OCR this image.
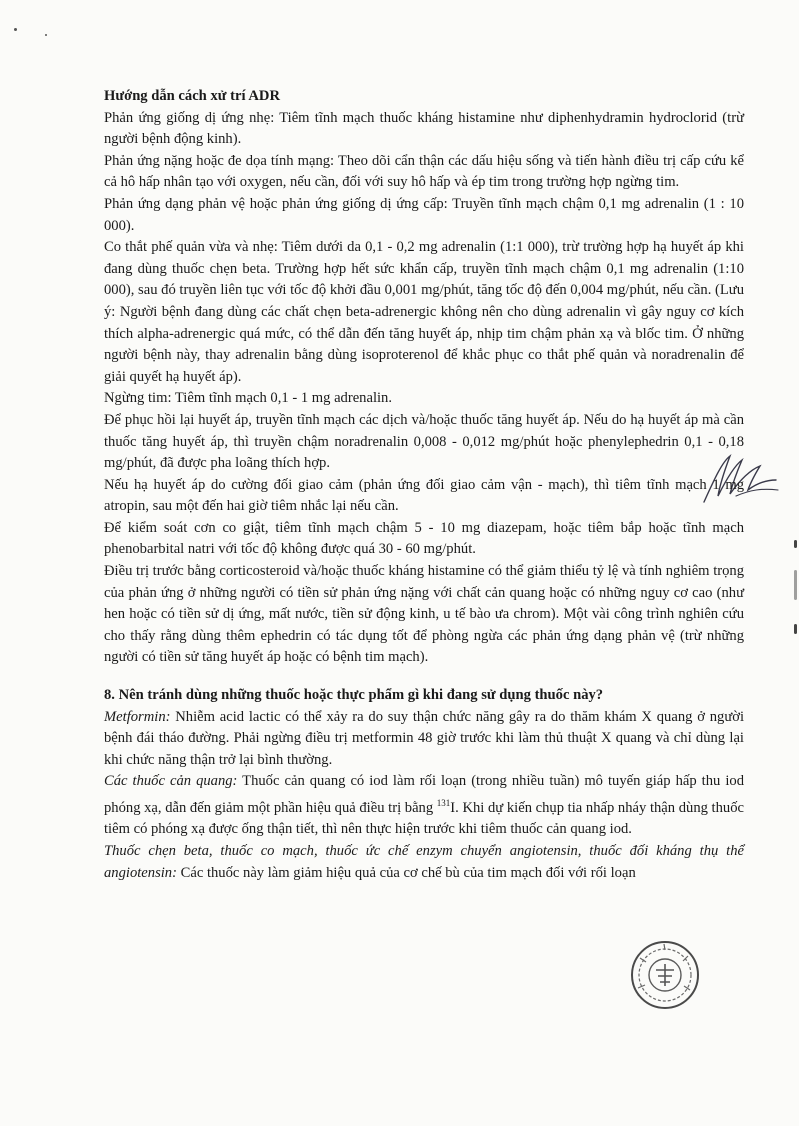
Hướng dẫn cách xử trí ADR

Phản ứng giống dị ứng nhẹ: Tiêm tĩnh mạch thuốc kháng histamine như diphenhydramin hydroclorid (trừ người bệnh động kinh).

Phản ứng nặng hoặc đe dọa tính mạng: Theo dõi cẩn thận các dấu hiệu sống và tiến hành điều trị cấp cứu kể cả hô hấp nhân tạo với oxygen, nếu cần, đối với suy hô hấp và ép tim trong trường hợp ngừng tim.

Phản ứng dạng phản vệ hoặc phản ứng giống dị ứng cấp: Truyền tĩnh mạch chậm 0,1 mg adrenalin (1 : 10 000).

Co thắt phế quản vừa và nhẹ: Tiêm dưới da 0,1 - 0,2 mg adrenalin (1:1 000), trừ trường hợp hạ huyết áp khi đang dùng thuốc chẹn beta. Trường hợp hết sức khẩn cấp, truyền tĩnh mạch chậm 0,1 mg adrenalin (1:10 000), sau đó truyền liên tục với tốc độ khởi đầu 0,001 mg/phút, tăng tốc độ đến 0,004 mg/phút, nếu cần. (Lưu ý: Người bệnh đang dùng các chất chẹn beta-adrenergic không nên cho dùng adrenalin vì gây nguy cơ kích thích alpha-adrenergic quá mức, có thể dẫn đến tăng huyết áp, nhịp tim chậm phản xạ và blốc tim. Ở những người bệnh này, thay adrenalin bằng dùng isoproterenol để khắc phục co thắt phế quản và noradrenalin để giải quyết hạ huyết áp).

Ngừng tim: Tiêm tĩnh mạch 0,1 - 1 mg adrenalin.

Để phục hồi lại huyết áp, truyền tĩnh mạch các dịch và/hoặc thuốc tăng huyết áp. Nếu do hạ huyết áp mà cần thuốc tăng huyết áp, thì truyền chậm noradrenalin 0,008 - 0,012 mg/phút hoặc phenylephedrin 0,1 - 0,18 mg/phút, đã được pha loãng thích hợp.

Nếu hạ huyết áp do cường đối giao cảm (phản ứng đối giao cảm vận - mạch), thì tiêm tĩnh mạch 1 mg atropin, sau một đến hai giờ tiêm nhắc lại nếu cần.

Để kiểm soát cơn co giật, tiêm tĩnh mạch chậm 5 - 10 mg diazepam, hoặc tiêm bắp hoặc tĩnh mạch phenobarbital natri với tốc độ không được quá 30 - 60 mg/phút.

Điều trị trước bằng corticosteroid và/hoặc thuốc kháng histamine có thể giảm thiểu tỷ lệ và tính nghiêm trọng của phản ứng ở những người có tiền sử phản ứng nặng với chất cản quang hoặc có những nguy cơ cao (như hen hoặc có tiền sử dị ứng, mất nước, tiền sử động kinh, u tế bào ưa chrom). Một vài công trình nghiên cứu cho thấy rằng dùng thêm ephedrin có tác dụng tốt để phòng ngừa các phản ứng dạng phản vệ (trừ những người có tiền sử tăng huyết áp hoặc có bệnh tim mạch).

8. Nên tránh dùng những thuốc hoặc thực phẩm gì khi đang sử dụng thuốc này?

Metformin: Nhiễm acid lactic có thể xảy ra do suy thận chức năng gây ra do thăm khám X quang ở người bệnh đái tháo đường. Phải ngừng điều trị metformin 48 giờ trước khi làm thủ thuật X quang và chỉ dùng lại khi chức năng thận trở lại bình thường.

Các thuốc cản quang: Thuốc cản quang có iod làm rối loạn (trong nhiều tuần) mô tuyến giáp hấp thu iod phóng xạ, dẫn đến giảm một phần hiệu quả điều trị bằng $^{131}$I. Khi dự kiến chụp tia nhấp nháy thận dùng thuốc tiêm có phóng xạ được ống thận tiết, thì nên thực hiện trước khi tiêm thuốc cản quang iod.

Thuốc chẹn beta, thuốc co mạch, thuốc ức chế enzym chuyển angiotensin, thuốc đối kháng thụ thể angiotensin: Các thuốc này làm giảm hiệu quả của cơ chế bù của tim mạch đối với rối loạn
